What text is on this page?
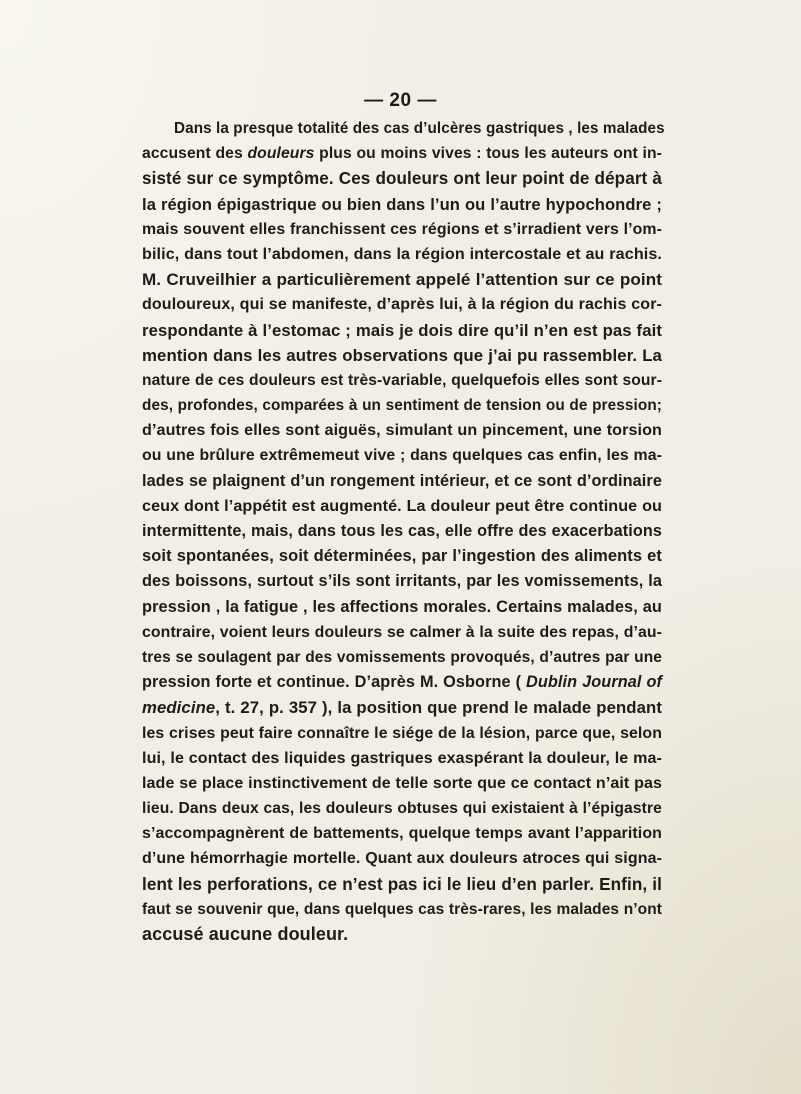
— 20 —
Dans la presque totalité des cas d’ulcères gastriques , les malades
accusent des douleurs plus ou moins vives : tous les auteurs ont in-
sisté sur ce symptôme. Ces douleurs ont leur point de départ à
la région épigastrique ou bien dans l’un ou l’autre hypochondre ;
mais souvent elles franchissent ces régions et s’irradient vers l’om-
bilic, dans tout l’abdomen, dans la région intercostale et au rachis.
M. Cruveilhier a particulièrement appelé l’attention sur ce point
douloureux, qui se manifeste, d’après lui, à la région du rachis cor-
respondante à l’estomac ; mais je dois dire qu’il n’en est pas fait
mention dans les autres observations que j’ai pu rassembler. La
nature de ces douleurs est très-variable, quelquefois elles sont sour-
des, profondes, comparées à un sentiment de tension ou de pression;
d’autres fois elles sont aiguës, simulant un pincement, une torsion
ou une brûlure extrêmemeut vive ; dans quelques cas enfin, les ma-
lades se plaignent d’un rongement intérieur, et ce sont d’ordinaire
ceux dont l’appétit est augmenté. La douleur peut être continue ou
intermittente, mais, dans tous les cas, elle offre des exacerbations
soit spontanées, soit déterminées, par l’ingestion des aliments et
des boissons, surtout s’ils sont irritants, par les vomissements, la
pression , la fatigue , les affections morales. Certains malades, au
contraire, voient leurs douleurs se calmer à la suite des repas, d’au-
tres se soulagent par des vomissements provoqués, d’autres par une
pression forte et continue. D’après M. Osborne ( Dublin Journal of
medicine, t. 27, p. 357 ), la position que prend le malade pendant
les crises peut faire connaître le siége de la lésion, parce que, selon
lui, le contact des liquides gastriques exaspérant la douleur, le ma-
lade se place instinctivement de telle sorte que ce contact n’ait pas
lieu. Dans deux cas, les douleurs obtuses qui existaient à l’épigastre
s’accompagnèrent de battements, quelque temps avant l’apparition
d’une hémorrhagie mortelle. Quant aux douleurs atroces qui signa-
lent les perforations, ce n’est pas ici le lieu d’en parler. Enfin, il
faut se souvenir que, dans quelques cas très-rares, les malades n’ont
accusé aucune douleur.
